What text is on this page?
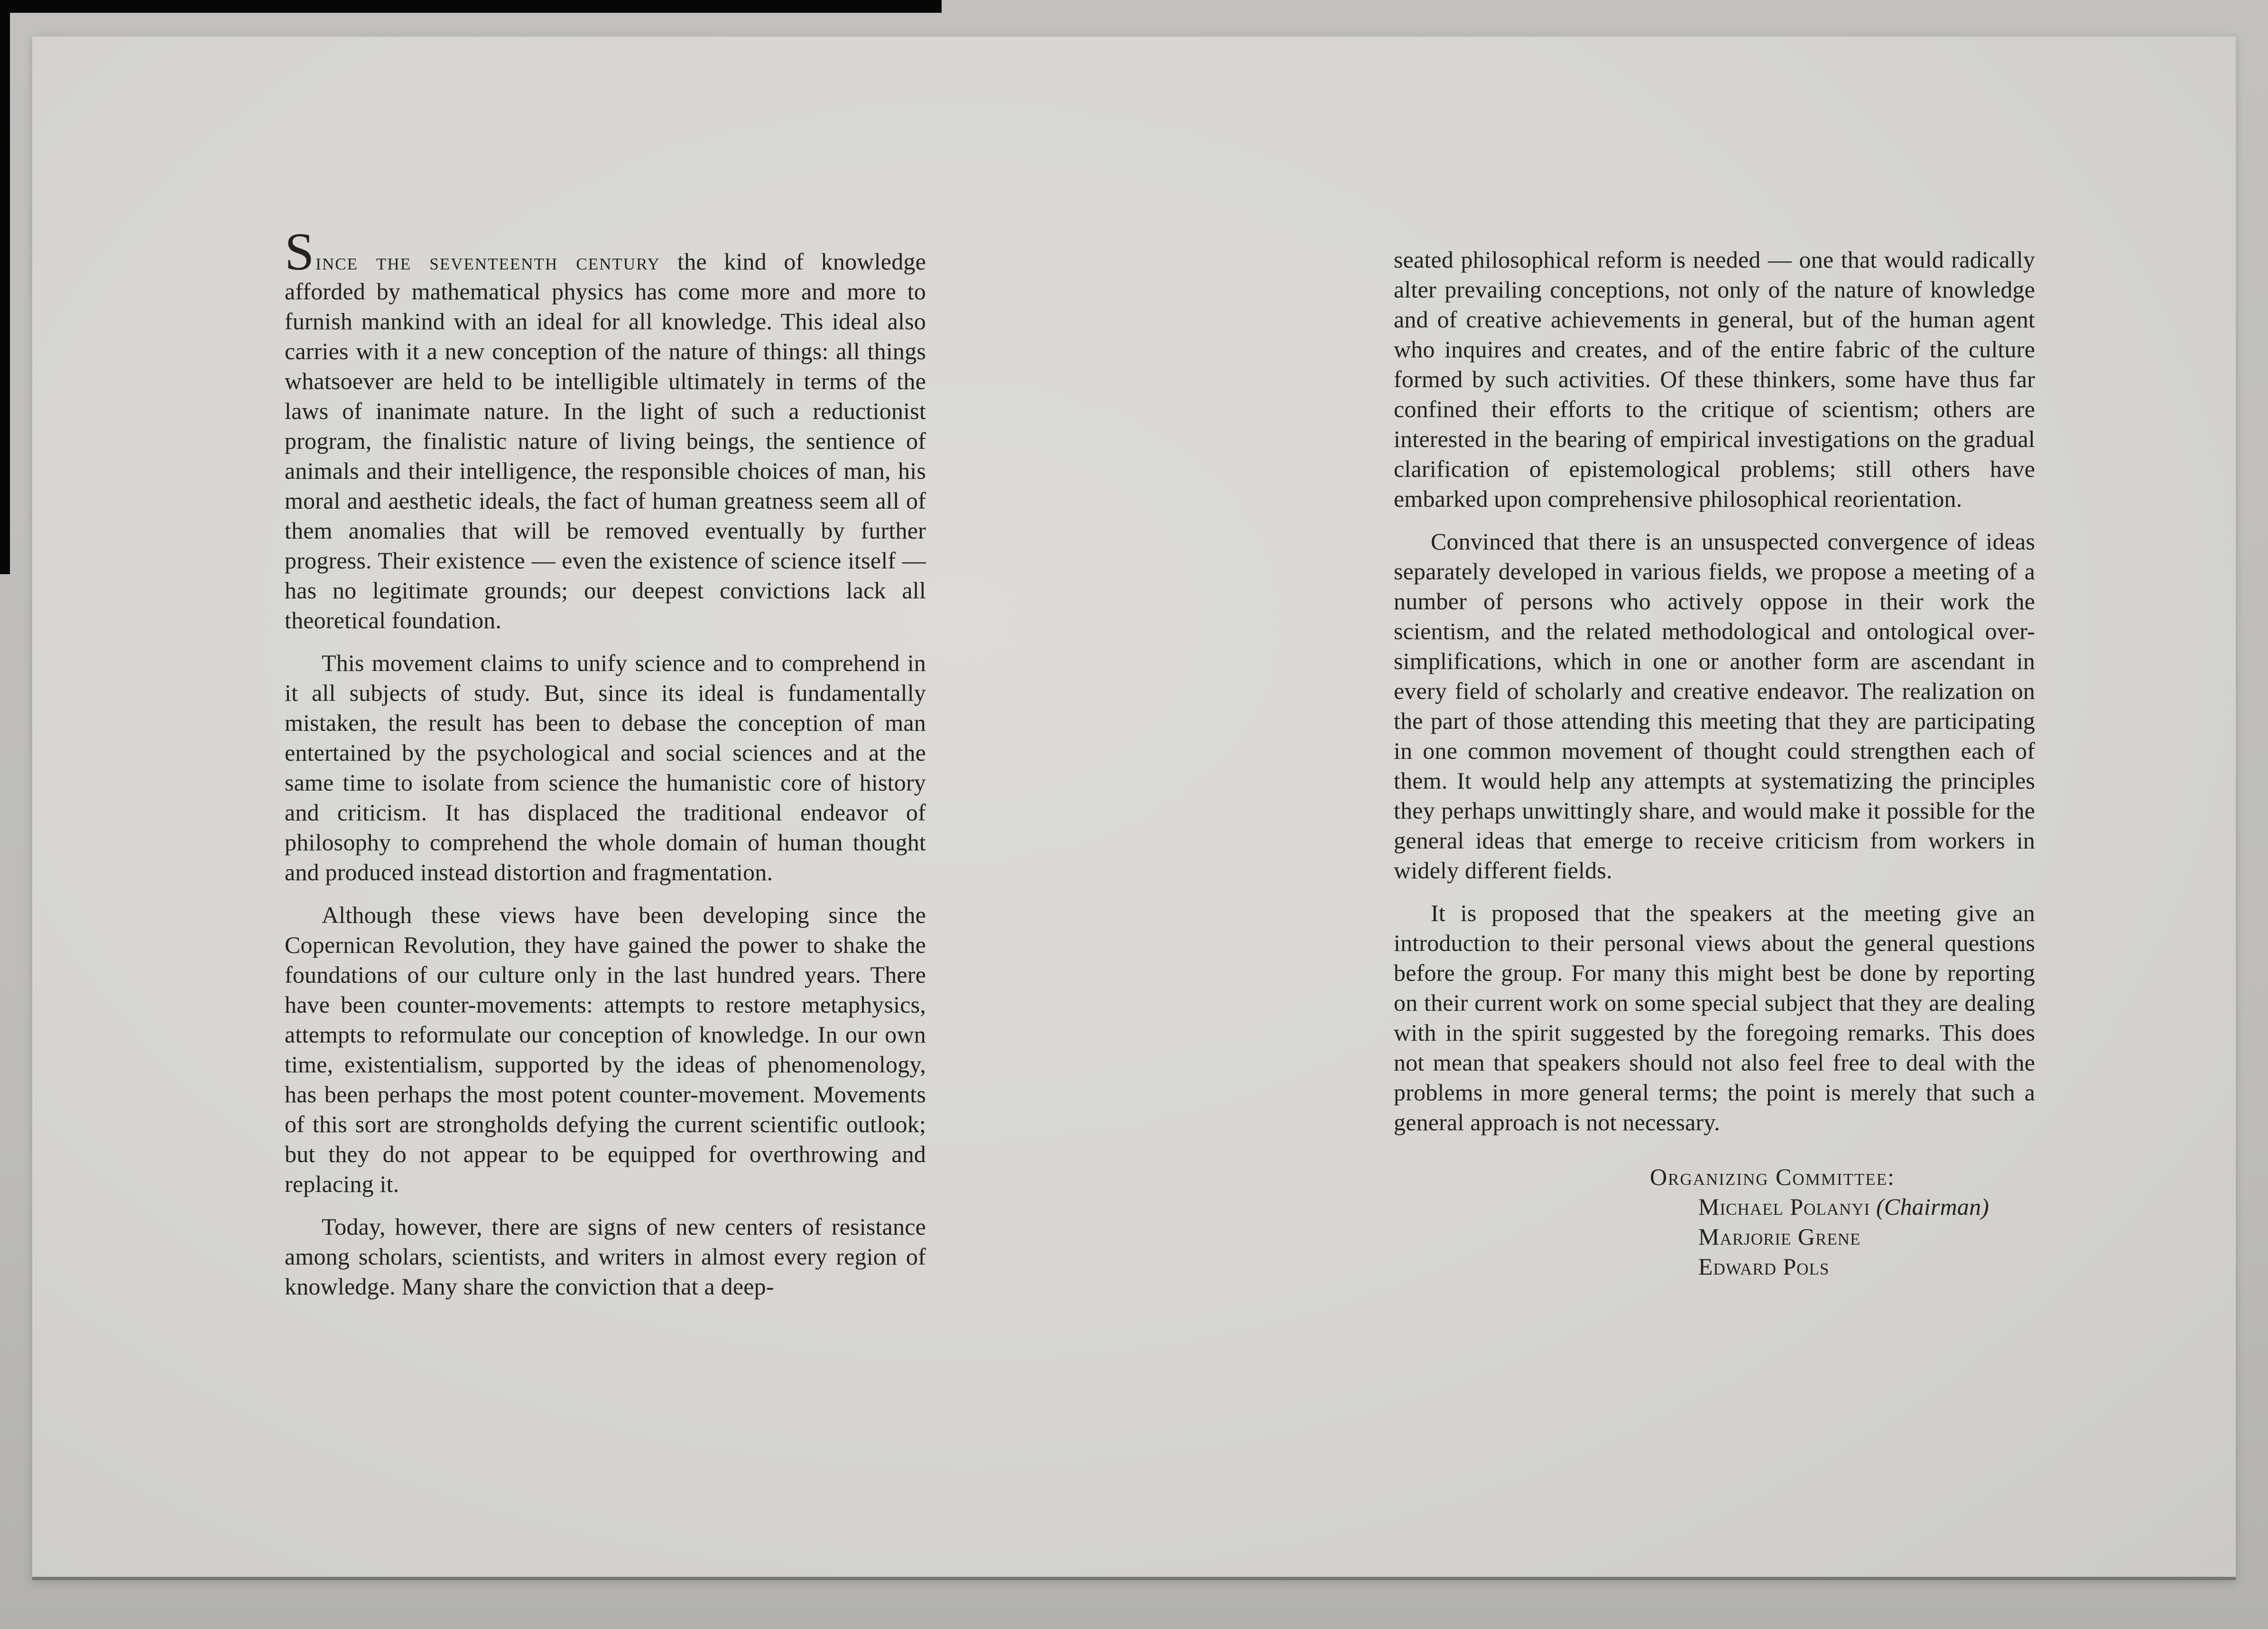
Since the seventeenth century the kind of knowledge afforded by mathematical physics has come more and more to furnish mankind with an ideal for all knowledge. This ideal also carries with it a new conception of the nature of things: all things whatsoever are held to be intelligible ultimately in terms of the laws of inanimate nature. In the light of such a reductionist program, the finalistic nature of living beings, the sentience of animals and their intelligence, the responsible choices of man, his moral and aesthetic ideals, the fact of human greatness seem all of them anomalies that will be removed eventually by further progress. Their existence — even the existence of science itself — has no legitimate grounds; our deepest convictions lack all theoretical foundation.

This movement claims to unify science and to comprehend in it all subjects of study. But, since its ideal is fundamentally mistaken, the result has been to debase the conception of man entertained by the psychological and social sciences and at the same time to isolate from science the humanistic core of history and criticism. It has displaced the traditional endeavor of philosophy to comprehend the whole domain of human thought and produced instead distortion and fragmentation.

Although these views have been developing since the Copernican Revolution, they have gained the power to shake the foundations of our culture only in the last hundred years. There have been counter-movements: attempts to restore metaphysics, attempts to reformulate our conception of knowledge. In our own time, existentialism, supported by the ideas of phenomenology, has been perhaps the most potent counter-movement. Movements of this sort are strongholds defying the current scientific outlook; but they do not appear to be equipped for overthrowing and replacing it.

Today, however, there are signs of new centers of resistance among scholars, scientists, and writers in almost every region of knowledge. Many share the conviction that a deep-

seated philosophical reform is needed — one that would radically alter prevailing conceptions, not only of the nature of knowledge and of creative achievements in general, but of the human agent who inquires and creates, and of the entire fabric of the culture formed by such activities. Of these thinkers, some have thus far confined their efforts to the critique of scientism; others are interested in the bearing of empirical investigations on the gradual clarification of epistemological problems; still others have embarked upon comprehensive philosophical reorientation.

Convinced that there is an unsuspected convergence of ideas separately developed in various fields, we propose a meeting of a number of persons who actively oppose in their work the scientism, and the related methodological and ontological over-simplifications, which in one or another form are ascendant in every field of scholarly and creative endeavor. The realization on the part of those attending this meeting that they are participating in one common movement of thought could strengthen each of them. It would help any attempts at systematizing the principles they perhaps unwittingly share, and would make it possible for the general ideas that emerge to receive criticism from workers in widely different fields.

It is proposed that the speakers at the meeting give an introduction to their personal views about the general questions before the group. For many this might best be done by reporting on their current work on some special subject that they are dealing with in the spirit suggested by the foregoing remarks. This does not mean that speakers should not also feel free to deal with the problems in more general terms; the point is merely that such a general approach is not necessary.

Organizing Committee:
Michael Polanyi (Chairman)
Marjorie Grene
Edward Pols
